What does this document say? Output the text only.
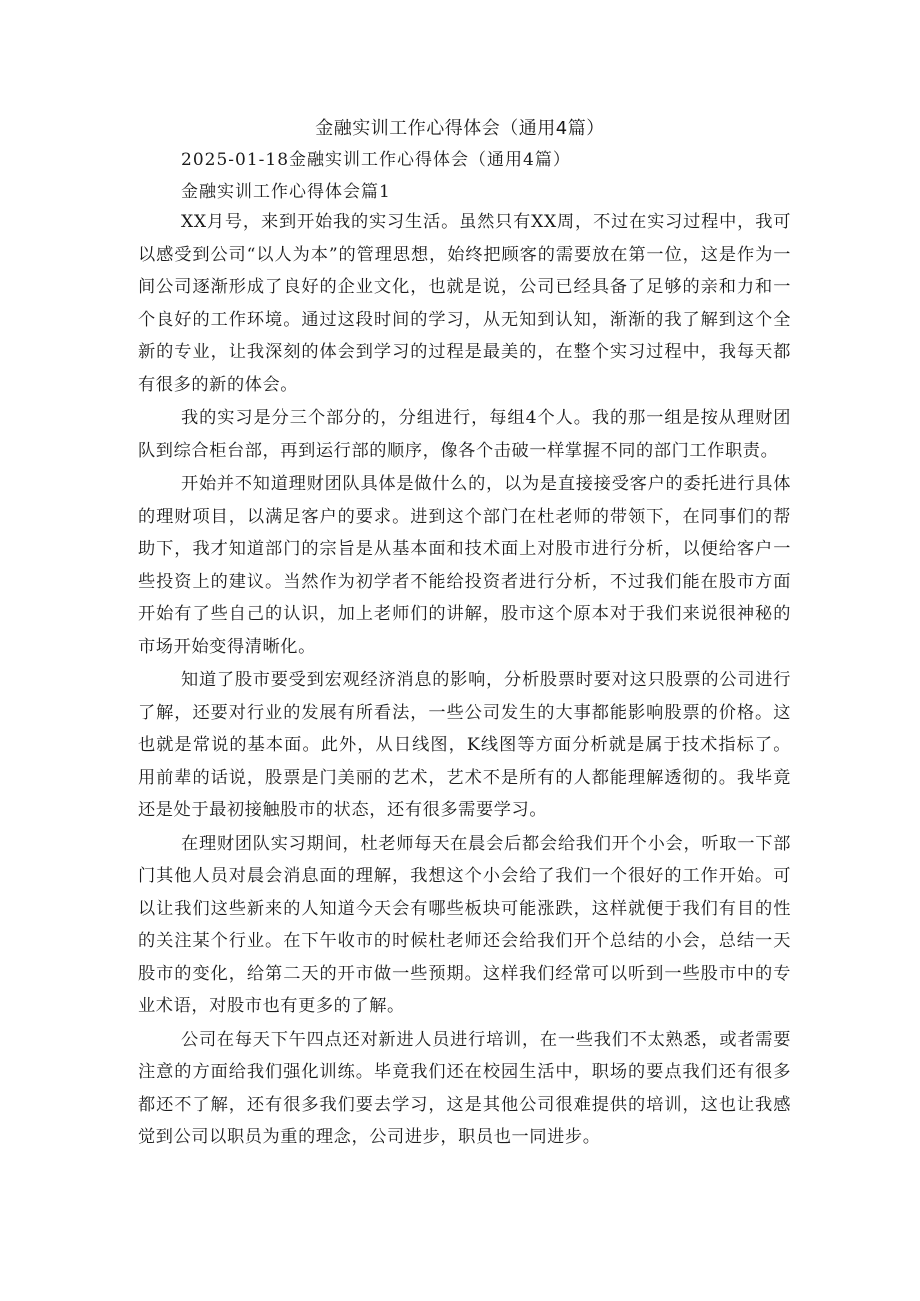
金融实训工作心得体会（通用4篇）
2025-01-18金融实训工作心得体会（通用4篇）
金融实训工作心得体会篇1

XX月号，来到开始我的实习生活。虽然只有XX周，不过在实习过程中，我可以感受到公司“以人为本”的管理思想，始终把顾客的需要放在第一位，这是作为一间公司逐渐形成了良好的企业文化，也就是说，公司已经具备了足够的亲和力和一个良好的工作环境。通过这段时间的学习，从无知到认知，渐渐的我了解到这个全新的专业，让我深刻的体会到学习的过程是最美的，在整个实习过程中，我每天都有很多的新的体会。

我的实习是分三个部分的，分组进行，每组4个人。我的那一组是按从理财团队到综合柜台部，再到运行部的顺序，像各个击破一样掌握不同的部门工作职责。

开始并不知道理财团队具体是做什么的，以为是直接接受客户的委托进行具体的理财项目，以满足客户的要求。进到这个部门在杜老师的带领下，在同事们的帮助下，我才知道部门的宗旨是从基本面和技术面上对股市进行分析，以便给客户一些投资上的建议。当然作为初学者不能给投资者进行分析，不过我们能在股市方面开始有了些自己的认识，加上老师们的讲解，股市这个原本对于我们来说很神秘的市场开始变得清晰化。

知道了股市要受到宏观经济消息的影响，分析股票时要对这只股票的公司进行了解，还要对行业的发展有所看法，一些公司发生的大事都能影响股票的价格。这也就是常说的基本面。此外，从日线图，K线图等方面分析就是属于技术指标了。用前辈的话说，股票是门美丽的艺术，艺术不是所有的人都能理解透彻的。我毕竟还是处于最初接触股市的状态，还有很多需要学习。

在理财团队实习期间，杜老师每天在晨会后都会给我们开个小会，听取一下部门其他人员对晨会消息面的理解，我想这个小会给了我们一个很好的工作开始。可以让我们这些新来的人知道今天会有哪些板块可能涨跌，这样就便于我们有目的性的关注某个行业。在下午收市的时候杜老师还会给我们开个总结的小会，总结一天股市的变化，给第二天的开市做一些预期。这样我们经常可以听到一些股市中的专业术语，对股市也有更多的了解。

公司在每天下午四点还对新进人员进行培训，在一些我们不太熟悉，或者需要注意的方面给我们强化训练。毕竟我们还在校园生活中，职场的要点我们还有很多都还不了解，还有很多我们要去学习，这是其他公司很难提供的培训，这也让我感觉到公司以职员为重的理念，公司进步，职员也一同进步。
